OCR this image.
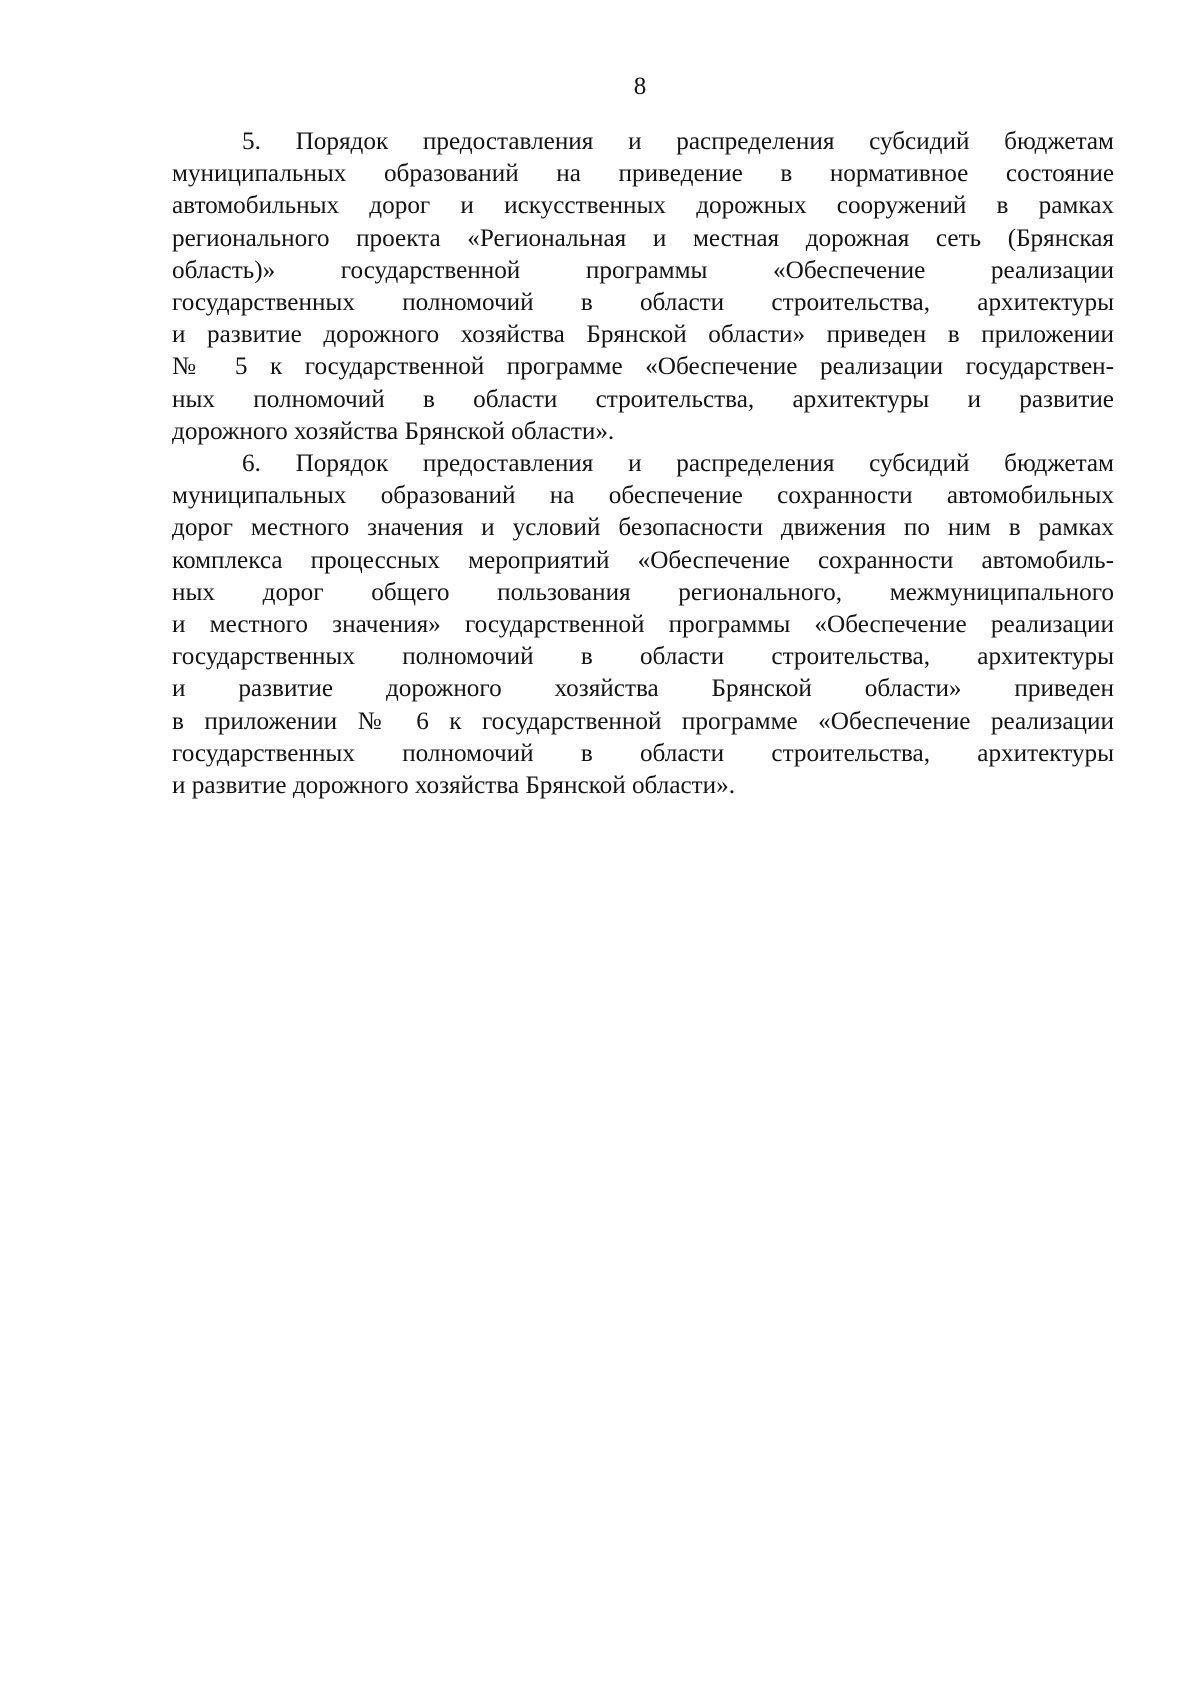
8

5. Порядок предоставления и распределения субсидий бюджетам
муниципальных образований на приведение в нормативное состояние
автомобильных дорог и искусственных дорожных сооружений в рамках
регионального проекта «Региональная и местная дорожная сеть (Брянская
область)» государственной программы «Обеспечение реализации
государственных полномочий в области строительства, архитектуры
и развитие дорожного хозяйства Брянской области» приведен в приложении
№ 5 к государственной программе «Обеспечение реализации государствен-
ных полномочий в области строительства, архитектуры и развитие
дорожного хозяйства Брянской области».

6. Порядок предоставления и распределения субсидий бюджетам
муниципальных образований на обеспечение сохранности автомобильных
дорог местного значения и условий безопасности движения по ним в рамках
комплекса процессных мероприятий «Обеспечение сохранности автомобиль-
ных дорог общего пользования регионального, межмуниципального
и местного значения» государственной программы «Обеспечение реализации
государственных полномочий в области строительства, архитектуры
и развитие дорожного хозяйства Брянской области» приведен
в приложении № 6 к государственной программе «Обеспечение реализации
государственных полномочий в области строительства, архитектуры
и развитие дорожного хозяйства Брянской области».
